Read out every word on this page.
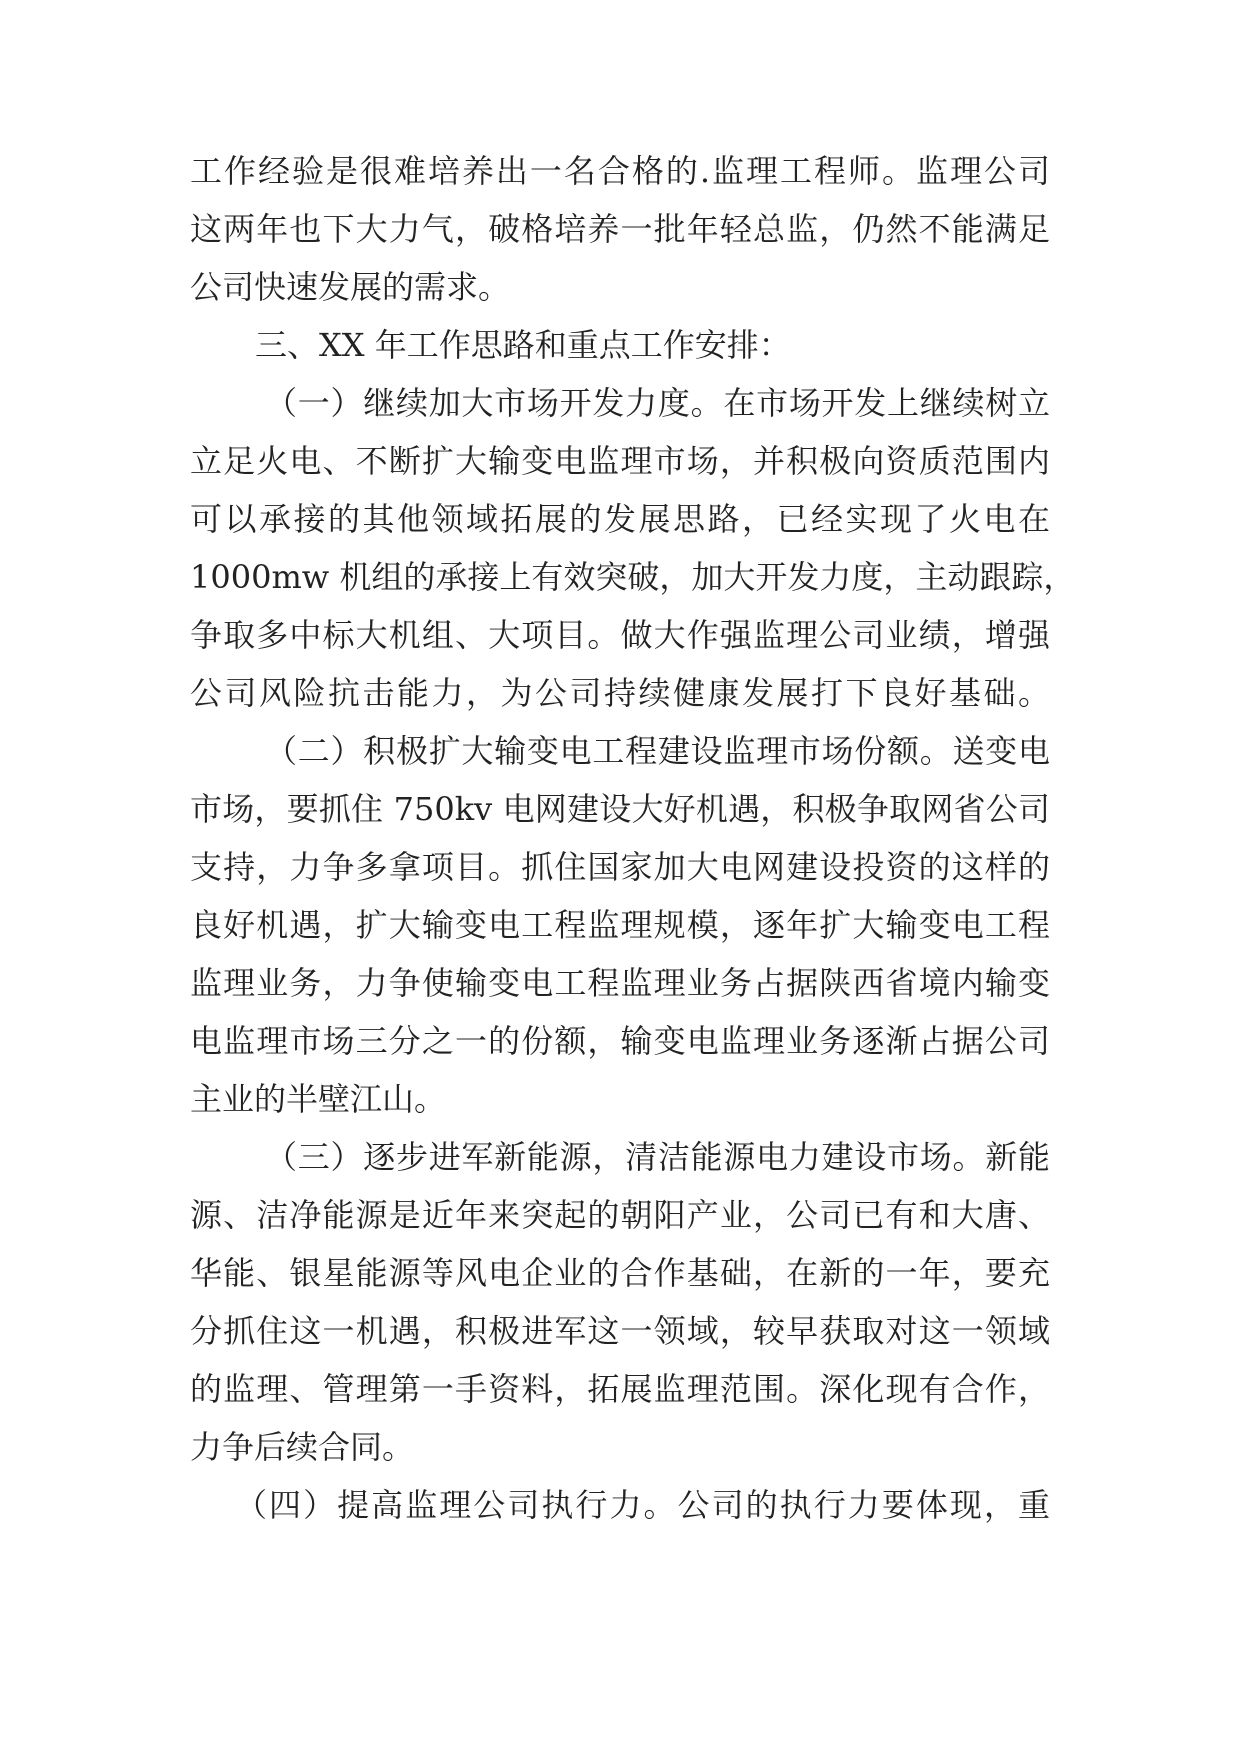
工作经验是很难培养出一名合格的.监理工程师。监理公司
这两年也下大力气，破格培养一批年轻总监，仍然不能满足
公司快速发展的需求。
三、XX 年工作思路和重点工作安排：
（一）继续加大市场开发力度。在市场开发上继续树立
立足火电、不断扩大输变电监理市场，并积极向资质范围内
可以承接的其他领域拓展的发展思路，已经实现了火电在
1000mw 机组的承接上有效突破，加大开发力度，主动跟踪，
争取多中标大机组、大项目。做大作强监理公司业绩，增强
公司风险抗击能力，为公司持续健康发展打下良好基础。
（二）积极扩大输变电工程建设监理市场份额。送变电
市场，要抓住 750kv 电网建设大好机遇，积极争取网省公司
支持，力争多拿项目。抓住国家加大电网建设投资的这样的
良好机遇，扩大输变电工程监理规模，逐年扩大输变电工程
监理业务，力争使输变电工程监理业务占据陕西省境内输变
电监理市场三分之一的份额，输变电监理业务逐渐占据公司
主业的半壁江山。
（三）逐步进军新能源，清洁能源电力建设市场。新能
源、洁净能源是近年来突起的朝阳产业，公司已有和大唐、
华能、银星能源等风电企业的合作基础，在新的一年，要充
分抓住这一机遇，积极进军这一领域，较早获取对这一领域
的监理、管理第一手资料，拓展监理范围。深化现有合作，
力争后续合同。
（四）提高监理公司执行力。公司的执行力要体现，重
